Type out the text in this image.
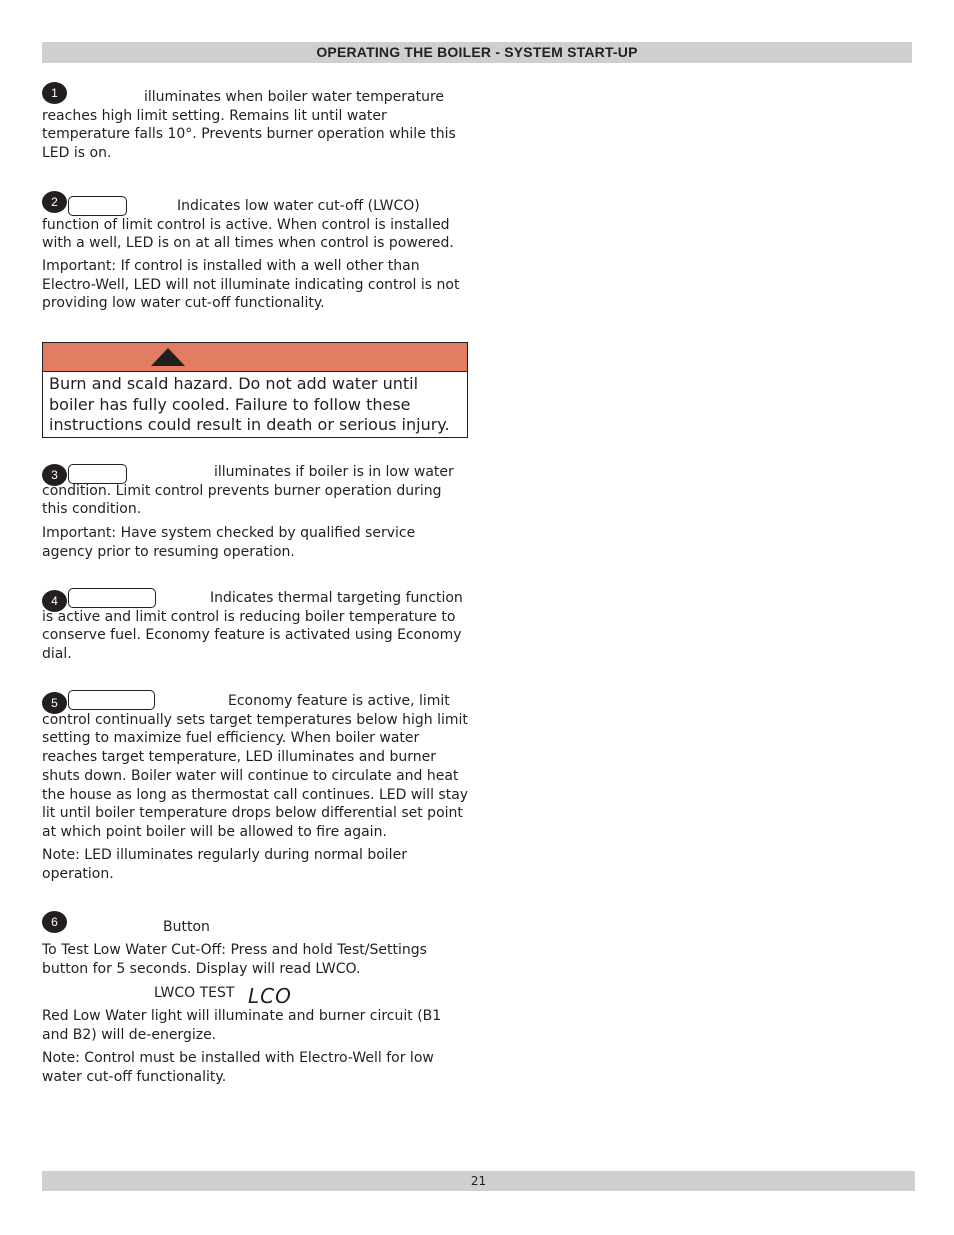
OPERATING THE BOILER - SYSTEM START-UP
1	illuminates when boiler water temperature reaches high limit setting. Remains lit until water temperature falls 10°. Prevents burner operation while this LED is on.

2	Indicates low water cut-off (LWCO) function of limit control is active. When control is installed with a well, LED is on at all times when control is powered.

Important: If control is installed with a well other than Electro-Well, LED will not illuminate indicating control is not providing low water cut-off functionality.

Burn and scald hazard. Do not add water until boiler has fully cooled. Failure to follow these instructions could result in death or serious injury.

3	illuminates if boiler is in low water condition. Limit control prevents burner operation during this condition.

Important: Have system checked by qualified service agency prior to resuming operation.

4	Indicates thermal targeting function is active and limit control is reducing boiler temperature to conserve fuel. Economy feature is activated using Economy dial.

5	Economy feature is active, limit control continually sets target temperatures below high limit setting to maximize fuel efficiency. When boiler water reaches target temperature, LED illuminates and burner shuts down. Boiler water will continue to circulate and heat the house as long as thermostat call continues. LED will stay lit until boiler temperature drops below differential set point at which point boiler will be allowed to fire again.

Note: LED illuminates regularly during normal boiler operation.

6	Button

To Test Low Water Cut-Off: Press and hold Test/Settings button for 5 seconds. Display will read LWCO.

LWCO TEST LCO

Red Low Water light will illuminate and burner circuit (B1 and B2) will de-energize.

Note: Control must be installed with Electro-Well for low water cut-off functionality.

21
